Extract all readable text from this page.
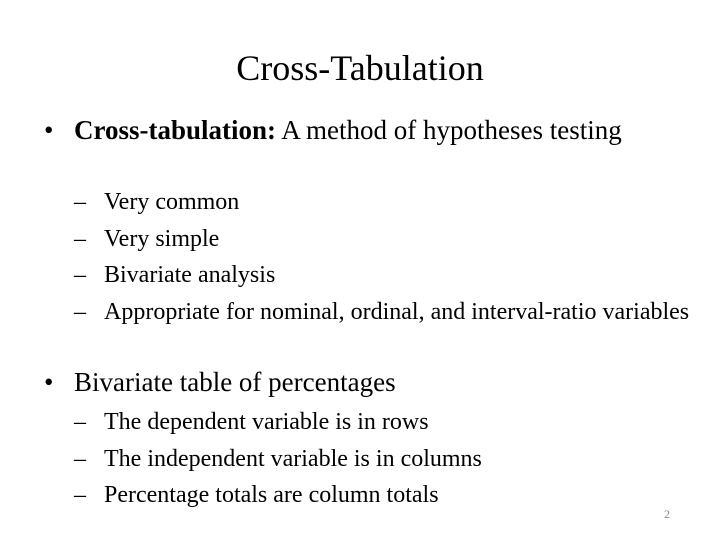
Cross-Tabulation
• Cross-tabulation: A method of hypotheses testing
– Very common
– Very simple
– Bivariate analysis
– Appropriate for nominal, ordinal, and interval-ratio variables
• Bivariate table of percentages
– The dependent variable is in rows
– The independent variable is in columns
– Percentage totals are column totals
2
